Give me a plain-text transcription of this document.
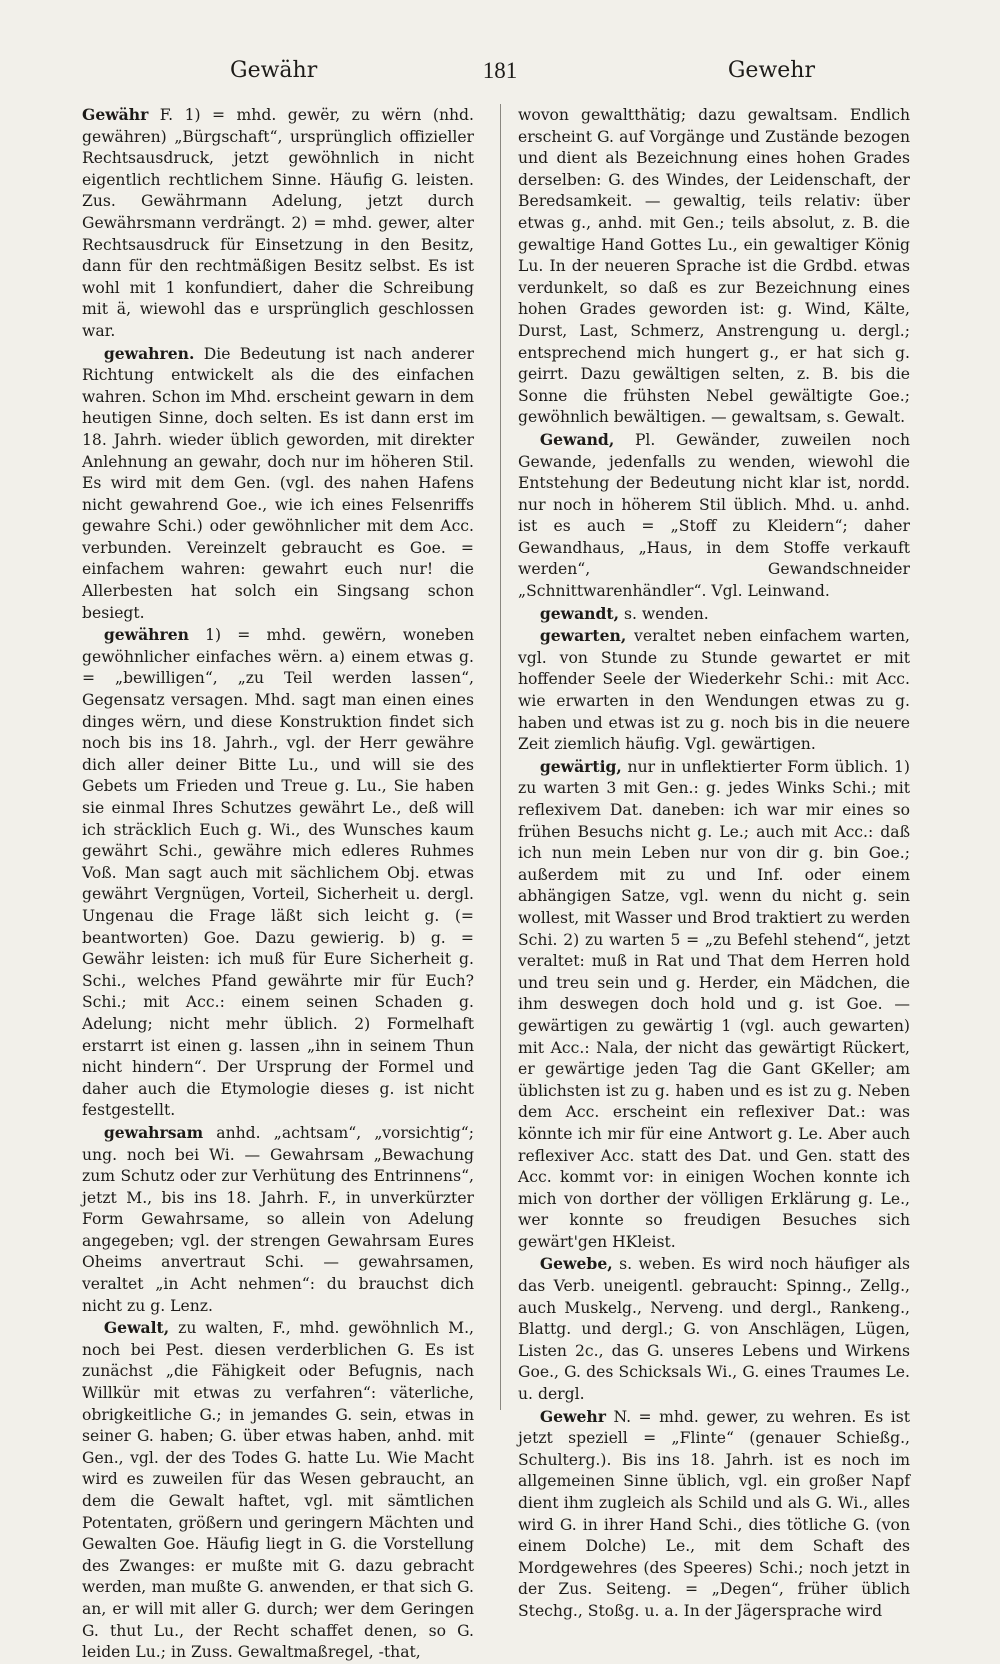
Gewähr	181	Gewehr

Gewähr F. 1) = mhd. gewër, zu wërn (nhd. gewähren) „Bürgschaft“, ursprünglich offizieller Rechtsausdruck, jetzt gewöhnlich in nicht eigentlich rechtlichem Sinne. Häufig G. leisten. Zus. Gewährmann Adelung, jetzt durch Gewährsmann verdrängt. 2) = mhd. gewer, alter Rechtsausdruck für Einsetzung in den Besitz, dann für den rechtmäßigen Besitz selbst. Es ist wohl mit 1 konfundiert, daher die Schreibung mit ä, wiewohl das e ursprünglich geschlossen war.

gewahren. Die Bedeutung ist nach anderer Richtung entwickelt als die des einfachen wahren. Schon im Mhd. erscheint gewarn in dem heutigen Sinne, doch selten. Es ist dann erst im 18. Jahrh. wieder üblich geworden, mit direkter Anlehnung an gewahr, doch nur im höheren Stil. Es wird mit dem Gen. (vgl. des nahen Hafens nicht gewahrend Goe., wie ich eines Felsenriffs gewahre Schi.) oder gewöhnlicher mit dem Acc. verbunden. Vereinzelt gebraucht es Goe. = einfachem wahren: gewahrt euch nur! die Allerbesten hat solch ein Singsang schon besiegt.

gewähren 1) = mhd. gewërn, woneben gewöhnlicher einfaches wërn. a) einem etwas g. = „bewilligen“, „zu Teil werden lassen“, Gegensatz versagen. Mhd. sagt man einen eines dinges wërn, und diese Konstruktion findet sich noch bis ins 18. Jahrh., vgl. der Herr gewähre dich aller deiner Bitte Lu., und will sie des Gebets um Frieden und Treue g. Lu., Sie haben sie einmal Ihres Schutzes gewährt Le., deß will ich sträcklich Euch g. Wi., des Wunsches kaum gewährt Schi., gewähre mich edleres Ruhmes Voß. Man sagt auch mit sächlichem Obj. etwas gewährt Vergnügen, Vorteil, Sicherheit u. dergl. Ungenau die Frage läßt sich leicht g. (= beantworten) Goe. Dazu gewierig. b) g. = Gewähr leisten: ich muß für Eure Sicherheit g. Schi., welches Pfand gewährte mir für Euch? Schi.; mit Acc.: einem seinen Schaden g. Adelung; nicht mehr üblich. 2) Formelhaft erstarrt ist einen g. lassen „ihn in seinem Thun nicht hindern“. Der Ursprung der Formel und daher auch die Etymologie dieses g. ist nicht festgestellt.

gewahrsam anhd. „achtsam“, „vorsichtig“; ung. noch bei Wi. — Gewahrsam „Bewachung zum Schutz oder zur Verhütung des Entrinnens“, jetzt M., bis ins 18. Jahrh. F., in unverkürzter Form Gewahrsame, so allein von Adelung angegeben; vgl. der strengen Gewahrsam Eures Oheims anvertraut Schi. — gewahrsamen, veraltet „in Acht nehmen“: du brauchst dich nicht zu g. Lenz.

Gewalt, zu walten, F., mhd. gewöhnlich M., noch bei Pest. diesen verderblichen G. Es ist zunächst „die Fähigkeit oder Befugnis, nach Willkür mit etwas zu verfahren“: väterliche, obrigkeitliche G.; in jemandes G. sein, etwas in seiner G. haben; G. über etwas haben, anhd. mit Gen., vgl. der des Todes G. hatte Lu. Wie Macht wird es zuweilen für das Wesen gebraucht, an dem die Gewalt haftet, vgl. mit sämtlichen Potentaten, größern und geringern Mächten und Gewalten Goe. Häufig liegt in G. die Vorstellung des Zwanges: er mußte mit G. dazu gebracht werden, man mußte G. anwenden, er that sich G. an, er will mit aller G. durch; wer dem Geringen G. thut Lu., der Recht schaffet denen, so G. leiden Lu.; in Zuss. Gewaltmaßregel, -that,

wovon gewaltthätig; dazu gewaltsam. Endlich erscheint G. auf Vorgänge und Zustände bezogen und dient als Bezeichnung eines hohen Grades derselben: G. des Windes, der Leidenschaft, der Beredsamkeit. — gewaltig, teils relativ: über etwas g., anhd. mit Gen.; teils absolut, z. B. die gewaltige Hand Gottes Lu., ein gewaltiger König Lu. In der neueren Sprache ist die Grdbd. etwas verdunkelt, so daß es zur Bezeichnung eines hohen Grades geworden ist: g. Wind, Kälte, Durst, Last, Schmerz, Anstrengung u. dergl.; entsprechend mich hungert g., er hat sich g. geirrt. Dazu gewältigen selten, z. B. bis die Sonne die frühsten Nebel gewältigte Goe.; gewöhnlich bewältigen. — gewaltsam, s. Gewalt.

Gewand, Pl. Gewänder, zuweilen noch Gewande, jedenfalls zu wenden, wiewohl die Entstehung der Bedeutung nicht klar ist, nordd. nur noch in höherem Stil üblich. Mhd. u. anhd. ist es auch = „Stoff zu Kleidern“; daher Gewandhaus, „Haus, in dem Stoffe verkauft werden“, Gewandschneider „Schnittwarenhändler“. Vgl. Leinwand.

gewandt, s. wenden.

gewarten, veraltet neben einfachem warten, vgl. von Stunde zu Stunde gewartet er mit hoffender Seele der Wiederkehr Schi.: mit Acc. wie erwarten in den Wendungen etwas zu g. haben und etwas ist zu g. noch bis in die neuere Zeit ziemlich häufig. Vgl. gewärtigen.

gewärtig, nur in unflektierter Form üblich. 1) zu warten 3 mit Gen.: g. jedes Winks Schi.; mit reflexivem Dat. daneben: ich war mir eines so frühen Besuchs nicht g. Le.; auch mit Acc.: daß ich nun mein Leben nur von dir g. bin Goe.; außerdem mit zu und Inf. oder einem abhängigen Satze, vgl. wenn du nicht g. sein wollest, mit Wasser und Brod traktiert zu werden Schi. 2) zu warten 5 = „zu Befehl stehend“, jetzt veraltet: muß in Rat und That dem Herren hold und treu sein und g. Herder, ein Mädchen, die ihm deswegen doch hold und g. ist Goe. — gewärtigen zu gewärtig 1 (vgl. auch gewarten) mit Acc.: Nala, der nicht das gewärtigt Rückert, er gewärtige jeden Tag die Gant GKeller; am üblichsten ist zu g. haben und es ist zu g. Neben dem Acc. erscheint ein reflexiver Dat.: was könnte ich mir für eine Antwort g. Le. Aber auch reflexiver Acc. statt des Dat. und Gen. statt des Acc. kommt vor: in einigen Wochen konnte ich mich von dorther der völligen Erklärung g. Le., wer konnte so freudigen Besuches sich gewärt'gen HKleist.

Gewebe, s. weben. Es wird noch häufiger als das Verb. uneigentl. gebraucht: Spinng., Zellg., auch Muskelg., Nerveng. und dergl., Rankeng., Blattg. und dergl.; G. von Anschlägen, Lügen, Listen 2c., das G. unseres Lebens und Wirkens Goe., G. des Schicksals Wi., G. eines Traumes Le. u. dergl.

Gewehr N. = mhd. gewer, zu wehren. Es ist jetzt speziell = „Flinte“ (genauer Schießg., Schulterg.). Bis ins 18. Jahrh. ist es noch im allgemeinen Sinne üblich, vgl. ein großer Napf dient ihm zugleich als Schild und als G. Wi., alles wird G. in ihrer Hand Schi., dies tötliche G. (von einem Dolche) Le., mit dem Schaft des Mordgewehres (des Speeres) Schi.; noch jetzt in der Zus. Seiteng. = „Degen“, früher üblich Stechg., Stoßg. u. a. In der Jägersprache wird
